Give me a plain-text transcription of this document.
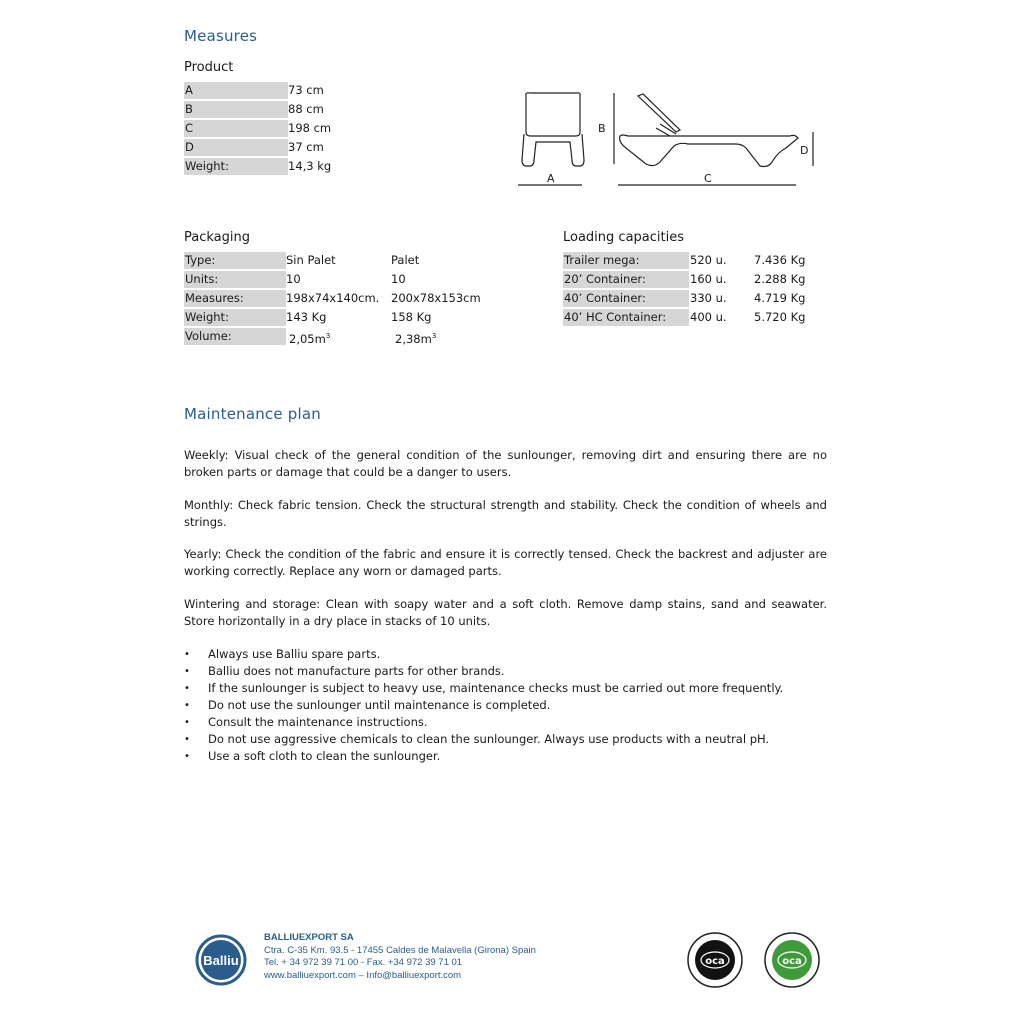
Measures
Product
A	73 cm
B	88 cm
C	198 cm
D	37 cm
Weight:	14,3 kg
A
B
C
D
Packaging
Type:	Sin Palet	Palet
Units:	10	10
Measures:	198x74x140cm. 200x78x153cm
Weight:	143 Kg	158 Kg
Volume:	$2,05m^3$	$2,38m^3$
Loading capacities
Trailer mega:	520 u. 7.436 Kg
20’ Container:	160 u. 2.288 Kg
40’ Container:	330 u. 4.719 Kg
40’ HC Container:	400 u. 5.720 Kg
Maintenance plan
Weekly: Visual check of the general condition of the sunlounger, removing dirt and ensuring there are no broken parts or damage that could be a danger to users.
Monthly: Check fabric tension. Check the structural strength and stability. Check the condition of wheels and strings.
Yearly: Check the condition of the fabric and ensure it is correctly tensed. Check the backrest and adjuster are working correctly. Replace any worn or damaged parts.
Wintering and storage: Clean with soapy water and a soft cloth. Remove damp stains, sand and seawater. Store horizontally in a dry place in stacks of 10 units.
• Always use Balliu spare parts.
• Balliu does not manufacture parts for other brands.
• If the sunlounger is subject to heavy use, maintenance checks must be carried out more frequently.
• Do not use the sunlounger until maintenance is completed.
• Consult the maintenance instructions.
• Do not use aggressive chemicals to clean the sunlounger. Always use products with a neutral pH.
• Use a soft cloth to clean the sunlounger.
Balliu
BALLIUEXPORT SA
Ctra. C-35 Km. 93.5 - 17455 Caldes de Malavella (Girona) Spain
Tel. + 34 972 39 71 00 - Fax. +34 972 39 71 01
www.balliuexport.com – Info@balliuexport.com
oca	oca
